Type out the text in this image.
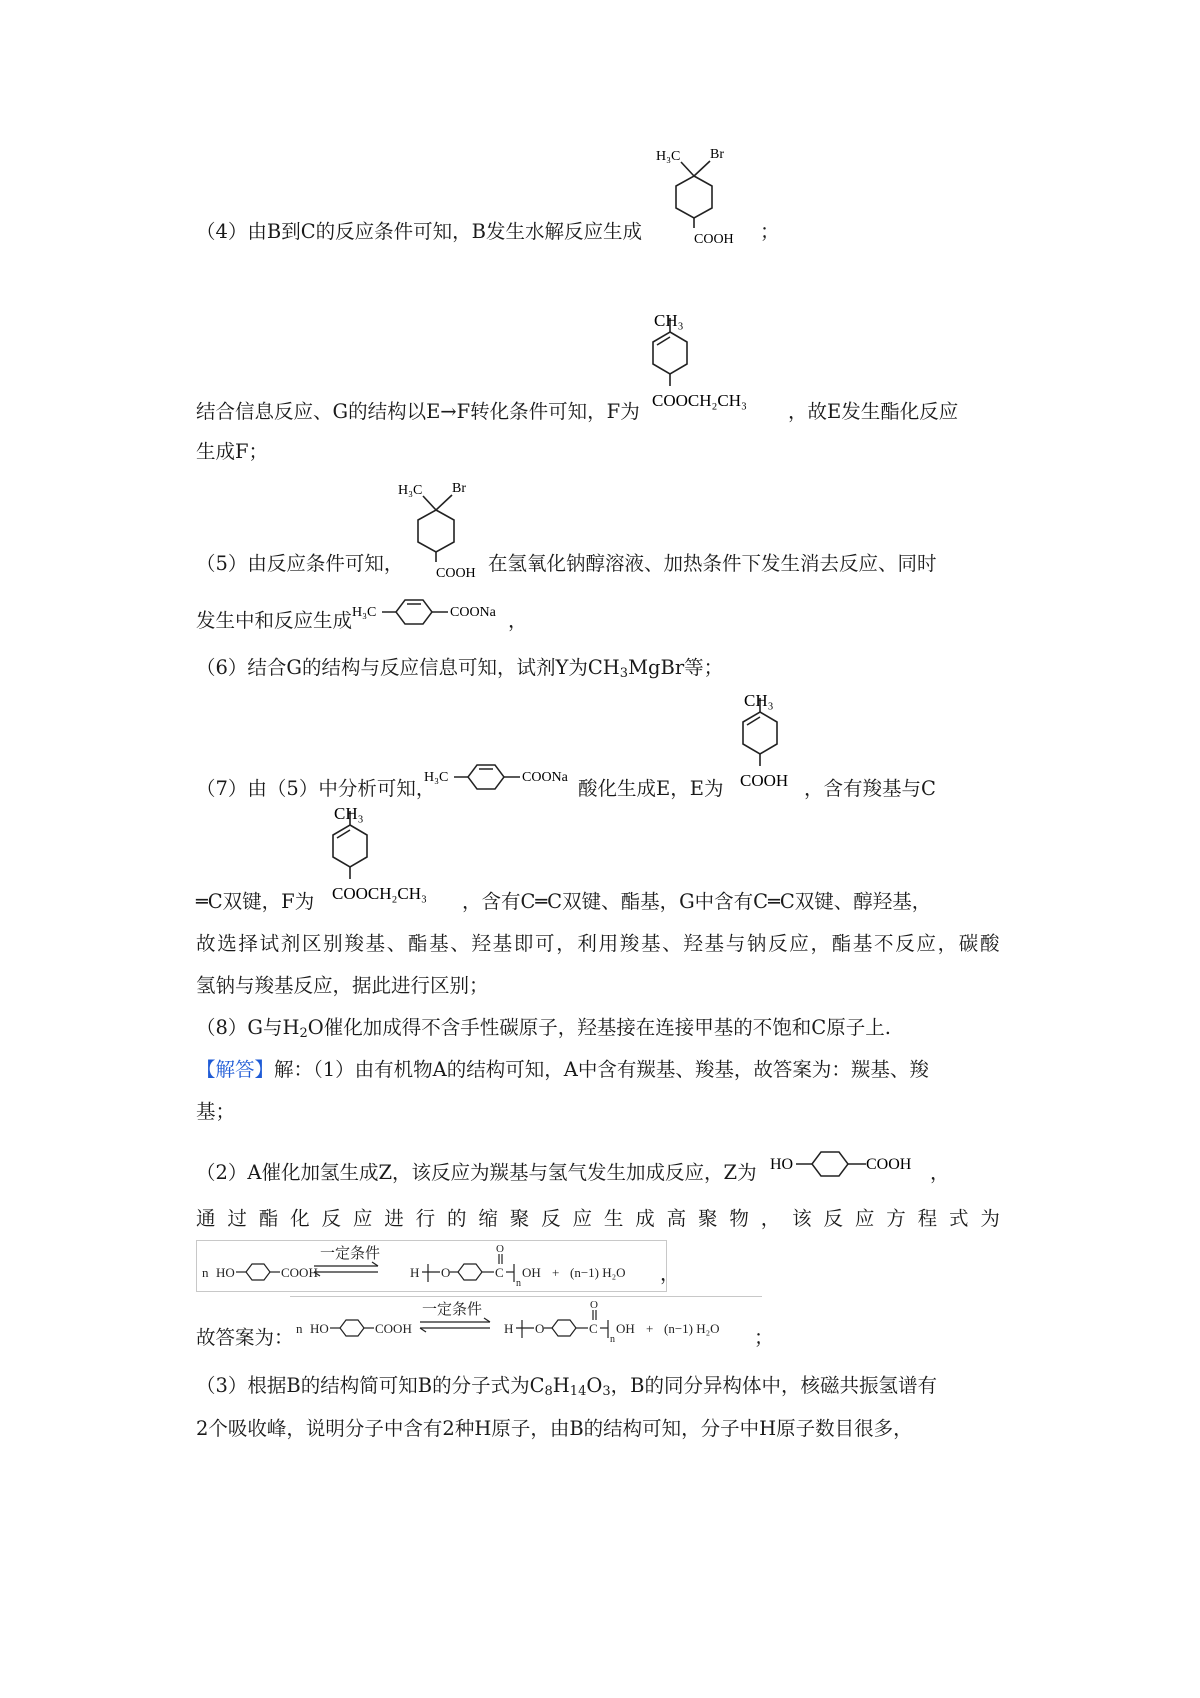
H₃C Br
COOH
（4）由B到C的反应条件可知，B发生水解反应生成	；
CH₃
COOCH₂CH₃
结合信息反应、G的结构以E→F转化条件可知，F为	，故E发生酯化反应
生成F；
H₃C Br
COOH
（5）由反应条件可知，	在氢氧化钠醇溶液、加热条件下发生消去反应、同时
发生中和反应生成 H₃C	COONa ，
（6）结合G的结构与反应信息可知，试剂Y为$CH_3MgBr$等；
H₃C	COONa
CH₃
COOH
（7）由（5）中分析可知，	酸化生成E，E为	，含有羧基与C
CH₃
COOCH₂CH₃
═C双键，F为	，含有C═C双键、酯基，G中含有C═C双键、醇羟基，
故 选 择 试 剂 区 别 羧 基 、 酯 基 、 羟 基 即 可 ， 利 用 羧 基 、 羟 基 与 钠 反 应 ， 酯 基 不 反 应 ， 碳 酸
氢钠与羧基反应，据此进行区别；
（8）G与$H_2O$催化加成得不含手性碳原子，羟基接在连接甲基的不饱和C原子上.
【解答】解：（1）由有机物A的结构可知，A中含有羰基、羧基，故答案为：羰基、羧
基；
（2）A催化加氢生成Z，该反应为羰基与氢气发生加成反应，Z为 HO	COOH ，
通 过 酯 化 反 应 进 行 的 缩 聚 反 应 生 成 高 聚 物 ， 该 反 应 方 程 式 为
n HO	COOH
一定条件
H O	C
O
n
OH + (n−1) H₂O ，
n HO	COOH
一定条件
H O	C
O
n
OH + (n−1) H₂O
故答案为：	；
（3）根据B的结构简可知B的分子式为$C_8H_{14}O_3$，B的同分异构体中，核磁共振氢谱有
2个吸收峰，说明分子中含有2种H原子，由B的结构可知，分子中H原子数目很多，
